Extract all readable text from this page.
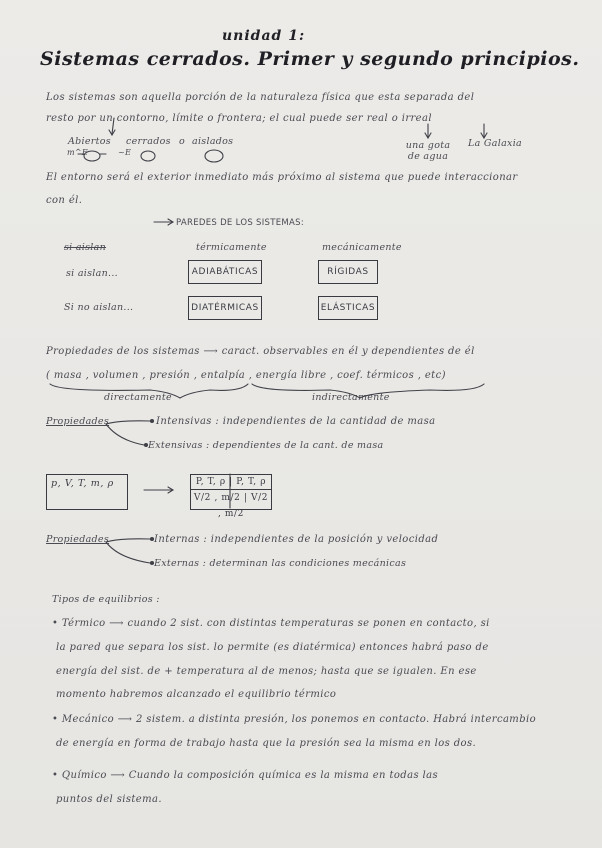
unidad 1:
Sistemas cerrados. Primer y segundo principios.
Los sistemas son aquella porción de la naturaleza física que esta separada del
resto por un contorno, límite o frontera; el cual puede ser real o irreal
Abiertos cerrados o aislados
m^E	~E
una gota de agua
La Galaxia
El entorno será el exterior inmediato más próximo al sistema que puede interaccionar
con él.
PAREDES DE LOS SISTEMAS:
si aislan	térmicamente	mecánicamente
si aislan...	ADIABÁTICAS	RÍGIDAS
Si no aislan...	DIATÉRMICAS	ELÁSTICAS
Propiedades de los sistemas ⟶ caract. observables en él y dependientes de él
( masa , volumen , presión , entalpía , energía libre , coef. térmicos , etc)
directamente	indirectamente
Propiedades	Intensivas : independientes de la cantidad de masa
Extensivas : dependientes de la cant. de masa
p, V, T, m, ρ	P, T, ρ | P, T, ρ
V/2 , m/2 | V/2 , m/2
Propiedades	Internas : independientes de la posición y velocidad
Externas : determinan las condiciones mecánicas
Tipos de equilibrios :
• Térmico ⟶ cuando 2 sist. con distintas temperaturas se ponen en contacto, si
la pared que separa los sist. lo permite (es diatérmica) entonces habrá paso de
energía del sist. de + temperatura al de menos; hasta que se igualen. En ese
momento habremos alcanzado el equilibrio térmico
• Mecánico ⟶ 2 sistem. a distinta presión, los ponemos en contacto. Habrá intercambio
de energía en forma de trabajo hasta que la presión sea la misma en los dos.
• Químico ⟶ Cuando la composición química es la misma en todas las
puntos del sistema.
